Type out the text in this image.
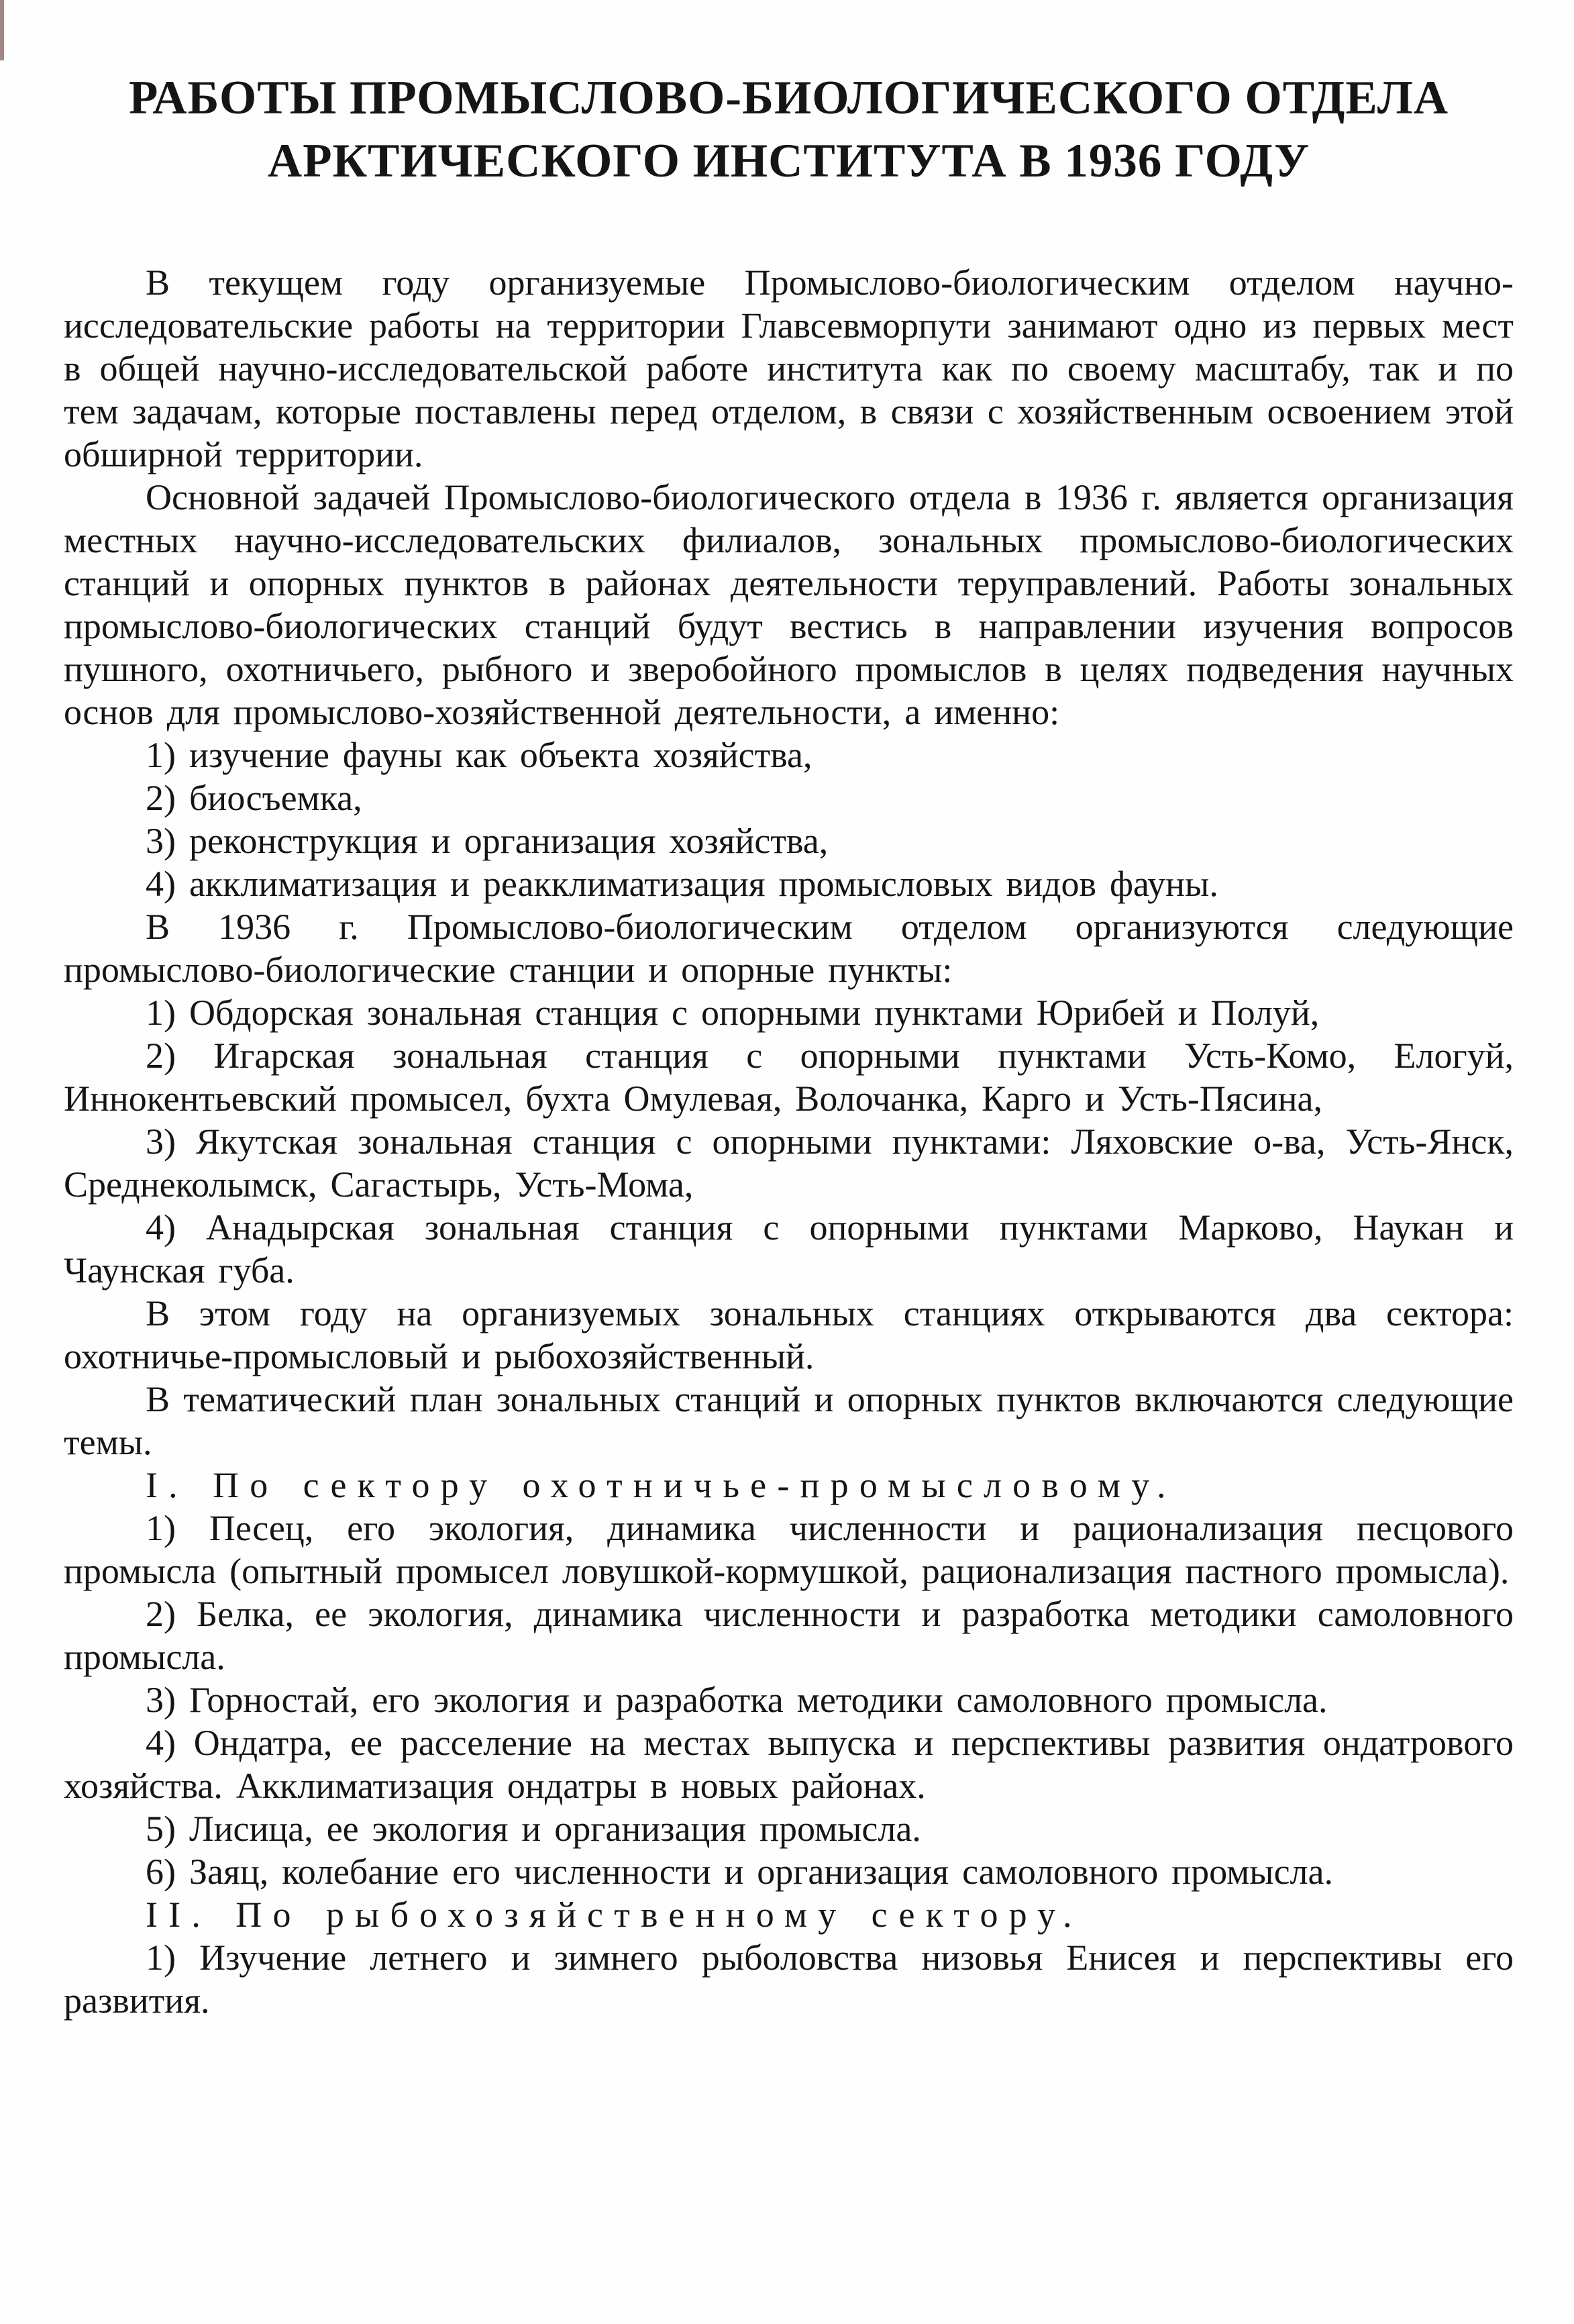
РАБОТЫ ПРОМЫСЛОВО-БИОЛОГИЧЕСКОГО ОТДЕЛА
АРКТИЧЕСКОГО ИНСТИТУТА В 1936 ГОДУ

В текущем году организуемые Промыслово-биологическим отделом научно-исследовательские работы на территории Главсевморпути занимают одно из первых мест в общей научно-исследовательской работе института как по своему масштабу, так и по тем задачам, которые поставлены перед отделом, в связи с хозяйственным освоением этой обширной территории.

Основной задачей Промыслово-биологического отдела в 1936 г. является организация местных научно-исследовательских филиалов, зональных промыслово-биологических станций и опорных пунктов в районах деятельности теруправлений. Работы зональных промыслово-биологических станций будут вестись в направлении изучения вопросов пушного, охотничьего, рыбного и зверобойного промыслов в целях подведения научных основ для промыслово-хозяйственной деятельности, а именно:

1) изучение фауны как объекта хозяйства,

2) биосъемка,

3) реконструкция и организация хозяйства,

4) акклиматизация и реакклиматизация промысловых видов фауны.

В 1936 г. Промыслово-биологическим отделом организуются следующие промыслово-биологические станции и опорные пункты:

1) Обдорская зональная станция с опорными пунктами Юрибей и Полуй,

2) Игарская зональная станция с опорными пунктами Усть-Комо, Елогуй, Иннокентьевский промысел, бухта Омулевая, Волочанка, Карго и Усть-Пясина,

3) Якутская зональная станция с опорными пунктами: Ляховские о-ва, Усть-Янск, Среднеколымск, Сагастырь, Усть-Мома,

4) Анадырская зональная станция с опорными пунктами Марково, Наукан и Чаунская губа.

В этом году на организуемых зональных станциях открываются два сектора: охотничье-промысловый и рыбохозяйственный.

В тематический план зональных станций и опорных пунктов включаются следующие темы.

I. По сектору охотничье-промысловому.

1) Песец, его экология, динамика численности и рационализация песцового промысла (опытный промысел ловушкой-кормушкой, рационализация пастного промысла).

2) Белка, ее экология, динамика численности и разработка методики самоловного промысла.

3) Горностай, его экология и разработка методики самоловного промысла.

4) Ондатра, ее расселение на местах выпуска и перспективы развития ондатрового хозяйства. Акклиматизация ондатры в новых районах.

5) Лисица, ее экология и организация промысла.

6) Заяц, колебание его численности и организация самоловного промысла.

II. По рыбохозяйственному сектору.

1) Изучение летнего и зимнего рыболовства низовья Енисея и перспективы его развития.
